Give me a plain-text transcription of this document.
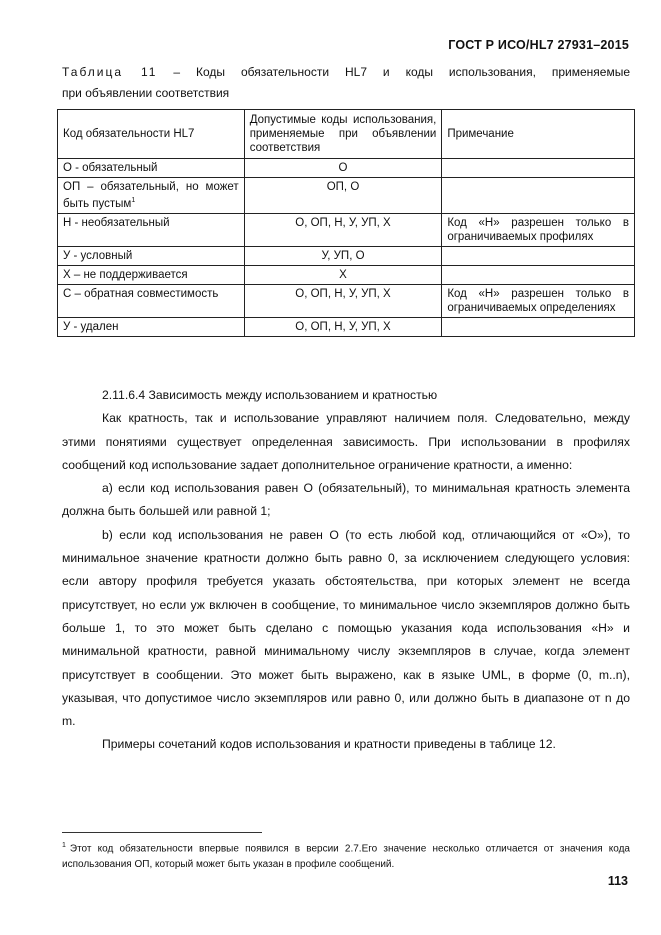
ГОСТ Р ИСО/HL7 27931–2015
Таблица 11 – Коды обязательности HL7 и коды использования, применяемые
при объявлении соответствия
Код обязательности HL7	Допустимые коды использования, применяемые при объявлении соответствия	Примечание
О - обязательный	О	
ОП – обязательный, но может быть пустым$^1$	ОП, О	
Н - необязательный	О, ОП, Н, У, УП, Х	Код «Н» разрешен только в ограничиваемых профилях
У - условный	У, УП, О	
Х – не поддерживается	Х	
С – обратная совместимость	О, ОП, Н, У, УП, Х	Код «Н» разрешен только в ограничиваемых определениях
У - удален	О, ОП, Н, У, УП, Х	

2.11.6.4 Зависимость между использованием и кратностью

Как кратность, так и использование управляют наличием поля. Следовательно, между этими понятиями существует определенная зависимость. При использовании в профилях сообщений код использование задает дополнительное ограничение кратности, а именно:

a) если код использования равен О (обязательный), то минимальная кратность элемента должна быть большей или равной 1;

b) если код использования не равен О (то есть любой код, отличающийся от «О»), то минимальное значение кратности должно быть равно 0, за исключением следующего условия: если автору профиля требуется указать обстоятельства, при которых элемент не всегда присутствует, но если уж включен в сообщение, то минимальное число экземпляров должно быть больше 1, то это может быть сделано с помощью указания кода использования «Н» и минимальной кратности, равной минимальному числу экземпляров в случае, когда элемент присутствует в сообщении. Это может быть выражено, как в языке UML, в форме (0, m..n), указывая, что допустимое число экземпляров или равно 0, или должно быть в диапазоне от n до m.

Примеры сочетаний кодов использования и кратности приведены в таблице 12.

$^1$ Этот код обязательности впервые появился в версии 2.7.Его значение несколько отличается от значения кода использования ОП, который может быть указан в профиле сообщений.
113
